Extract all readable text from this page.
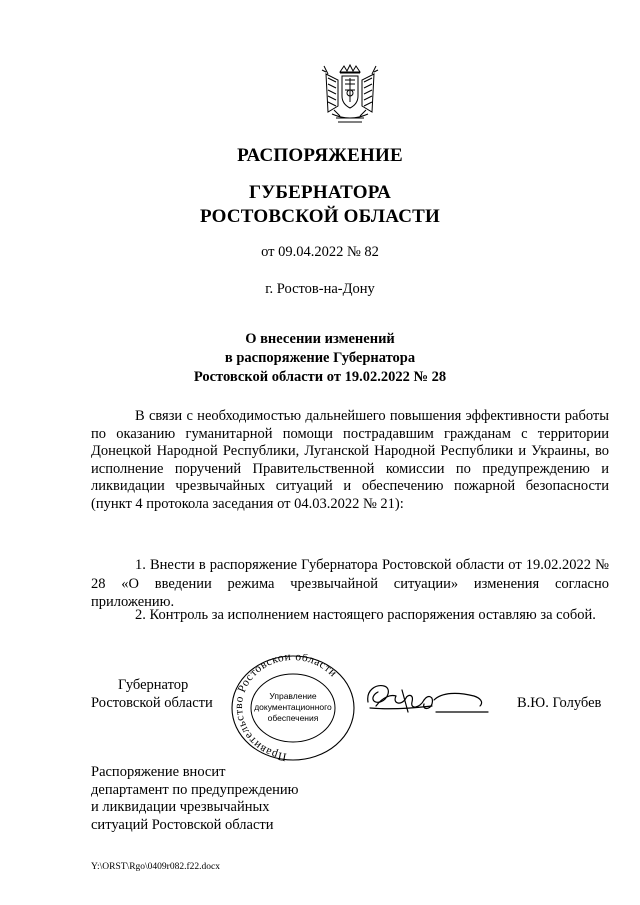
РАСПОРЯЖЕНИЕ
ГУБЕРНАТОРА
РОСТОВСКОЙ ОБЛАСТИ
от 09.04.2022 № 82
г. Ростов-на-Дону
О внесении изменений
в распоряжение Губернатора
Ростовской области от 19.02.2022 № 28

В связи с необходимостью дальнейшего повышения эффективности работы по оказанию гуманитарной помощи пострадавшим гражданам с территории Донецкой Народной Республики, Луганской Народной Республики и Украины, во исполнение поручений Правительственной комиссии по предупреждению и ликвидации чрезвычайных ситуаций и обеспечению пожарной безопасности (пункт 4 протокола заседания от 04.03.2022 № 21):

1. Внести в распоряжение Губернатора Ростовской области от 19.02.2022 № 28 «О введении режима чрезвычайной ситуации» изменения согласно приложению.
2. Контроль за исполнением настоящего распоряжения оставляю за собой.
Губернатор
Ростовской области	В.Ю. Голубев
Правительство Ростовской области
Управление
документационного
обеспечения
Распоряжение вносит
департамент по предупреждению
и ликвидации чрезвычайных
ситуаций Ростовской области
Y:\ORST\Rgo\0409r082.f22.docx
